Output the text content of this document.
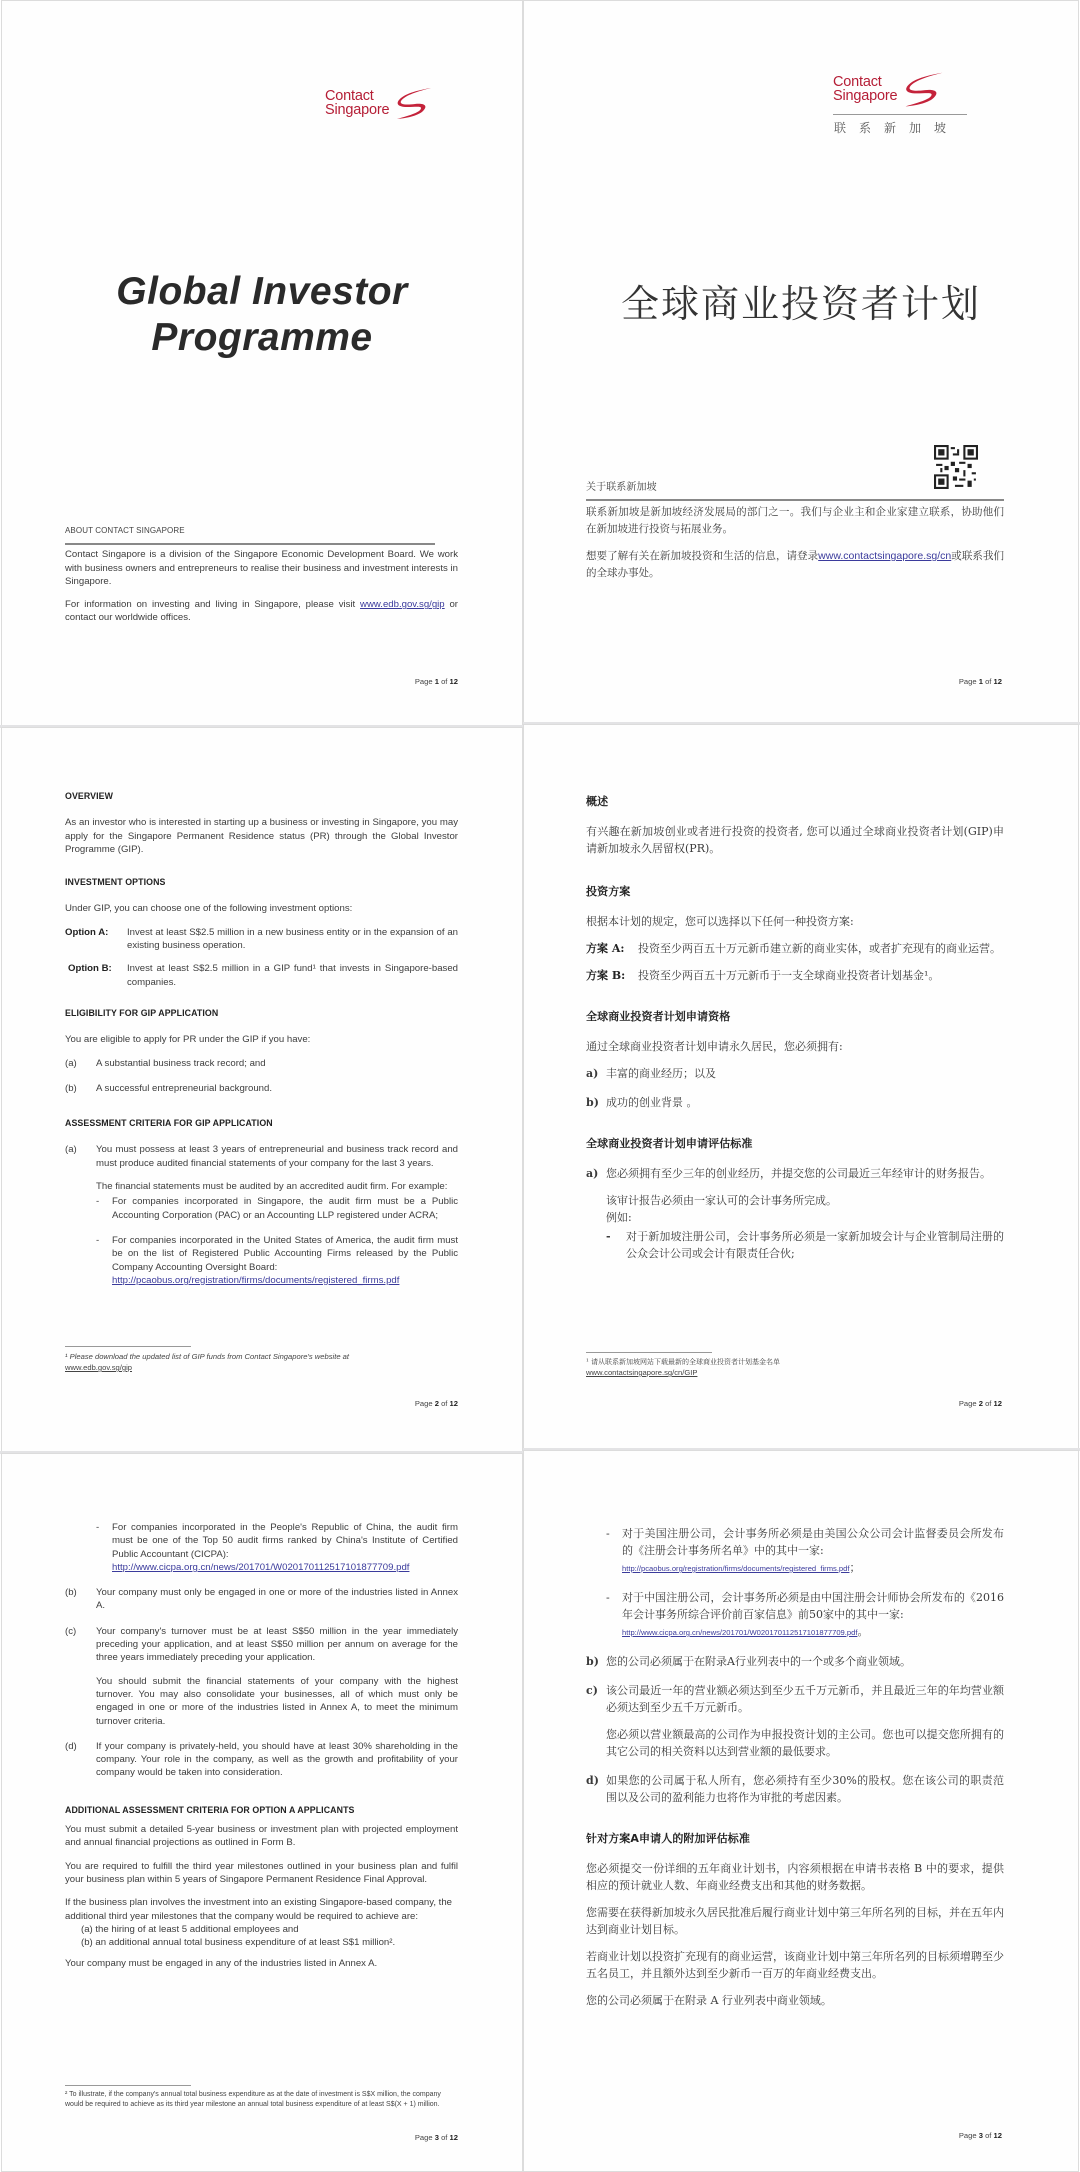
Contact
Singapore
Global Investor
Programme
ABOUT CONTACT SINGAPORE

Contact Singapore is a division of the Singapore Economic Development Board. We work with business owners and entrepreneurs to realise their business and investment interests in Singapore.

For information on investing and living in Singapore, please visit www.edb.gov.sg/gip or contact our worldwide offices.

Page 1 of 12
Contact
Singapore
联系新加坡
全球商业投资者计划
关于联系新加坡

联系新加坡是新加坡经济发展局的部门之一。我们与企业主和企业家建立联系，协助他们在新加坡进行投资与拓展业务。

想要了解有关在新加坡投资和生活的信息，请登录www.contactsingapore.sg/cn或联系我们的全球办事处。

Page 1 of 12
OVERVIEW

As an investor who is interested in starting up a business or investing in Singapore, you may apply for the Singapore Permanent Residence status (PR) through the Global Investor Programme (GIP).

INVESTMENT OPTIONS

Under GIP, you can choose one of the following investment options:

Option A:	Invest at least S$2.5 million in a new business entity or in the expansion of an existing business operation.
Option B:	Invest at least S$2.5 million in a GIP fund¹ that invests in Singapore-based companies.
ELIGIBILITY FOR GIP APPLICATION

You are eligible to apply for PR under the GIP if you have:

(a)	A substantial business track record; and
(b)	A successful entrepreneurial background.
ASSESSMENT CRITERIA FOR GIP APPLICATION
(a)	You must possess at least 3 years of entrepreneurial and business track record and must produce audited financial statements of your company for the last 3 years.

The financial statements must be audited by an accredited audit firm. For example:

-	For companies incorporated in Singapore, the audit firm must be a Public Accounting Corporation (PAC) or an Accounting LLP registered under ACRA;
-	For companies incorporated in the United States of America, the audit firm must be on the list of Registered Public Accounting Firms released by the Public Company Accounting Oversight Board:
http://pcaobus.org/registration/firms/documents/registered_firms.pdf
¹ Please download the updated list of GIP funds from Contact Singapore's website at
www.edb.gov.sg/gip
Page 2 of 12
概述

有兴趣在新加坡创业或者进行投资的投资者, 您可以通过全球商业投资者计划(GIP)申请新加坡永久居留权(PR)。

投资方案

根据本计划的规定，您可以选择以下任何一种投资方案:

方案 A:	投资至少两百五十万元新币建立新的商业实体，或者扩充现有的商业运营。
方案 B:	投资至少两百五十万元新币于一支全球商业投资者计划基金¹。
全球商业投资者计划申请资格

通过全球商业投资者计划申请永久居民，您必须拥有:

a) 丰富的商业经历；以及
b) 成功的创业背景 。
全球商业投资者计划申请评估标准
a) 您必须拥有至少三年的创业经历，并提交您的公司最近三年经审计的财务报告。

该审计报告必须由一家认可的会计事务所完成。

例如:

-	对于新加坡注册公司，会计事务所必须是一家新加坡会计与企业管制局注册的公众会计公司或会计有限责任合伙;
¹ 请从联系新加坡网站下载最新的全球商业投资者计划基金名单
www.contactsingapore.sg/cn/GIP
Page 2 of 12
-	For companies incorporated in the People's Republic of China, the audit firm must be one of the Top 50 audit firms ranked by China's Institute of Certified Public Accountant (CICPA):
http://www.cicpa.org.cn/news/201701/W020170112517101877709.pdf
(b)	Your company must only be engaged in one or more of the industries listed in Annex A.
(c)	Your company's turnover must be at least S$50 million in the year immediately preceding your application, and at least S$50 million per annum on average for the three years immediately preceding your application.

You should submit the financial statements of your company with the highest turnover. You may also consolidate your businesses, all of which must only be engaged in one or more of the industries listed in Annex A, to meet the minimum turnover criteria.

(d)	If your company is privately-held, you should have at least 30% shareholding in the company. Your role in the company, as well as the growth and profitability of your company would be taken into consideration.
ADDITIONAL ASSESSMENT CRITERIA FOR OPTION A APPLICANTS

You must submit a detailed 5-year business or investment plan with projected employment and annual financial projections as outlined in Form B.

You are required to fulfill the third year milestones outlined in your business plan and fulfil your business plan within 5 years of Singapore Permanent Residence Final Approval.

If the business plan involves the investment into an existing Singapore-based company, the additional third year milestones that the company would be required to achieve are:

(a) the hiring of at least 5 additional employees and
(b) an additional annual total business expenditure of at least S$1 million².

Your company must be engaged in any of the industries listed in Annex A.

² To illustrate, if the company's annual total business expenditure as at the date of investment is S$X million, the company would be required to achieve as its third year milestone an annual total business expenditure of at least S$(X + 1) million.
Page 3 of 12
-	对于美国注册公司，会计事务所必须是由美国公众公司会计监督委员会所发布的《注册会计事务所名单》中的其中一家:
http://pcaobus.org/registration/firms/documents/registered_firms.pdf；
-	对于中国注册公司，会计事务所必须是由中国注册会计师协会所发布的《2016年会计事务所综合评价前百家信息》前50家中的其中一家:
http://www.cicpa.org.cn/news/201701/W020170112517101877709.pdf。
b) 您的公司必须属于在附录A行业列表中的一个或多个商业领域。
c) 该公司最近一年的营业额必须达到至少五千万元新币，并且最近三年的年均营业额必须达到至少五千万元新币。

您必须以营业额最高的公司作为申报投资计划的主公司。您也可以提交您所拥有的其它公司的相关资料以达到营业额的最低要求。

d) 如果您的公司属于私人所有，您必须持有至少30%的股权。您在该公司的职责范围以及公司的盈利能力也将作为审批的考虑因素。
针对方案A申请人的附加评估标准

您必须提交一份详细的五年商业计划书，内容须根据在申请书表格 B 中的要求，提供相应的预计就业人数、年商业经费支出和其他的财务数据。

您需要在获得新加坡永久居民批准后履行商业计划中第三年所名列的目标，并在五年内达到商业计划目标。

若商业计划以投资扩充现有的商业运营，该商业计划中第三年所名列的目标须增聘至少五名员工，并且额外达到至少新币一百万的年商业经费支出。

您的公司必须属于在附录 A 行业列表中商业领域。

Page 3 of 12
